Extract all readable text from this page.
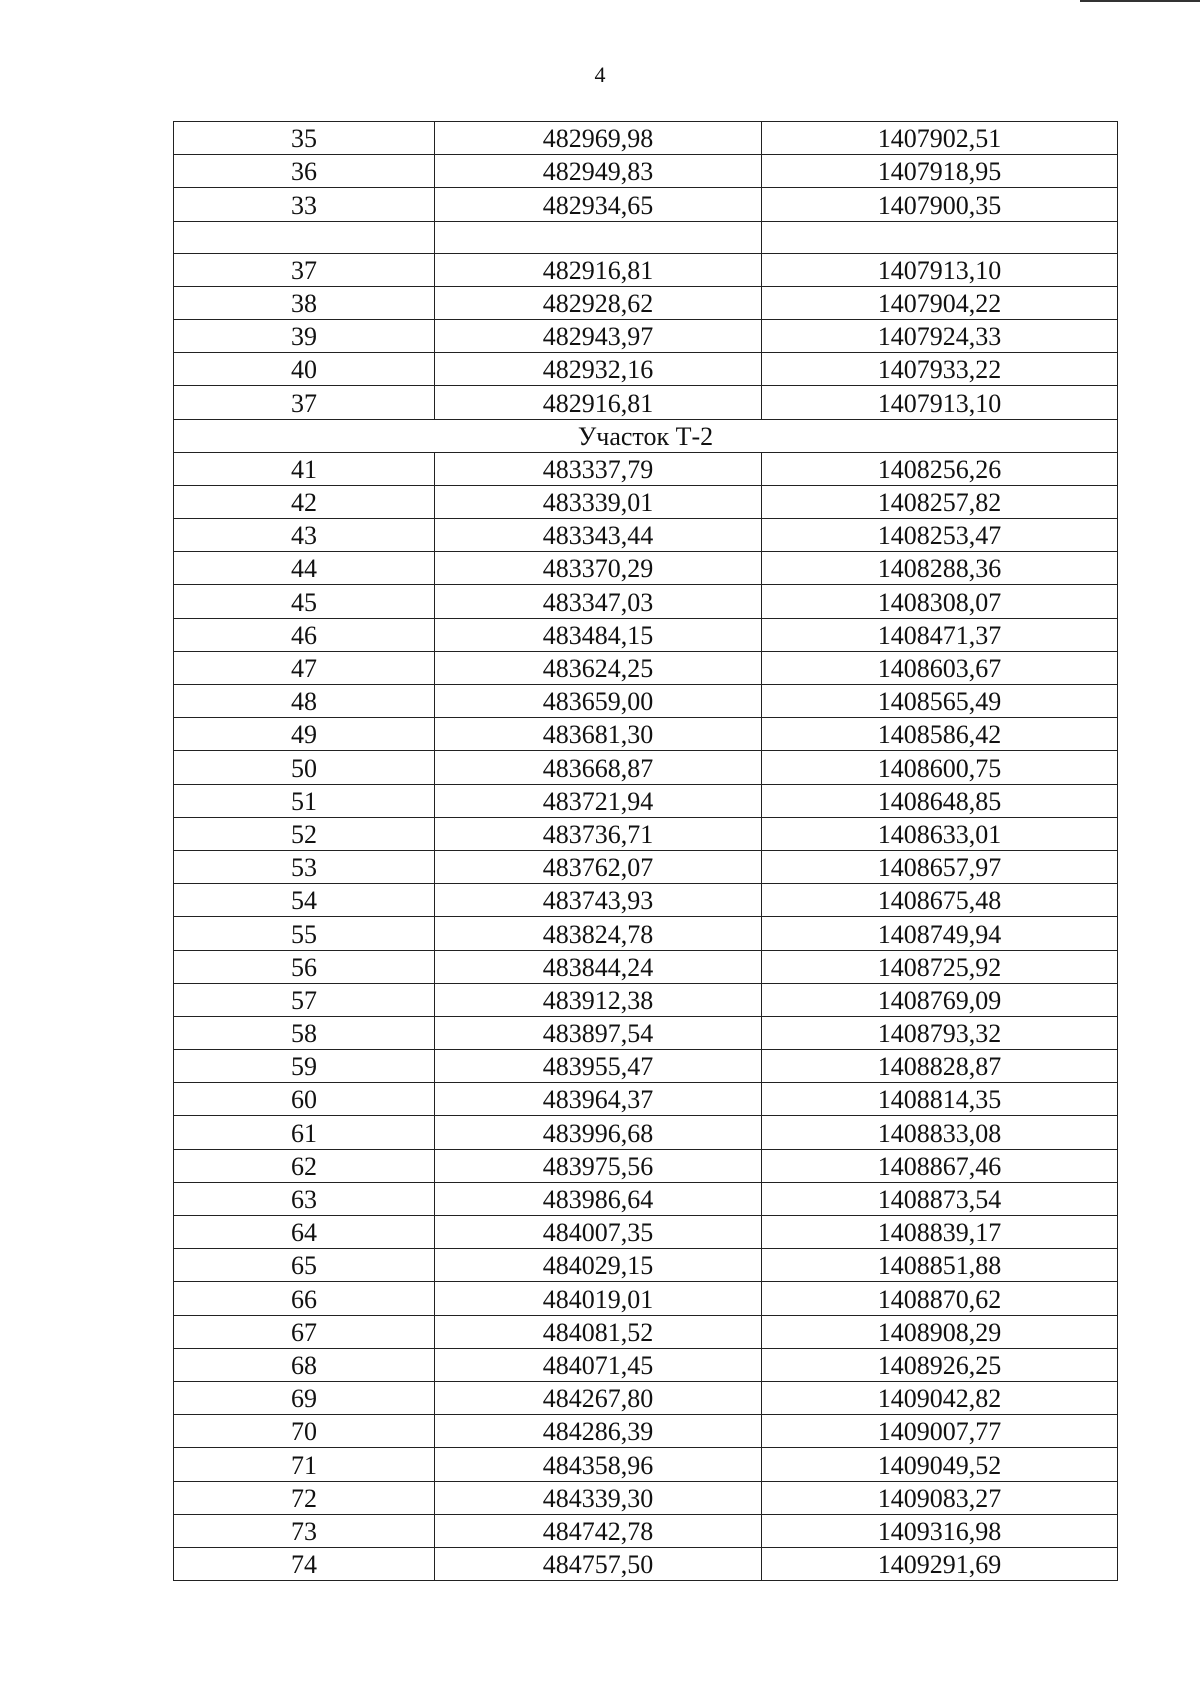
4
35	482969,98	1407902,51
36	482949,83	1407918,95
33	482934,65	1407900,35

37	482916,81	1407913,10
38	482928,62	1407904,22
39	482943,97	1407924,33
40	482932,16	1407933,22
37	482916,81	1407913,10
Участок Т-2		
41	483337,79	1408256,26
42	483339,01	1408257,82
43	483343,44	1408253,47
44	483370,29	1408288,36
45	483347,03	1408308,07
46	483484,15	1408471,37
47	483624,25	1408603,67
48	483659,00	1408565,49
49	483681,30	1408586,42
50	483668,87	1408600,75
51	483721,94	1408648,85
52	483736,71	1408633,01
53	483762,07	1408657,97
54	483743,93	1408675,48
55	483824,78	1408749,94
56	483844,24	1408725,92
57	483912,38	1408769,09
58	483897,54	1408793,32
59	483955,47	1408828,87
60	483964,37	1408814,35
61	483996,68	1408833,08
62	483975,56	1408867,46
63	483986,64	1408873,54
64	484007,35	1408839,17
65	484029,15	1408851,88
66	484019,01	1408870,62
67	484081,52	1408908,29
68	484071,45	1408926,25
69	484267,80	1409042,82
70	484286,39	1409007,77
71	484358,96	1409049,52
72	484339,30	1409083,27
73	484742,78	1409316,98
74	484757,50	1409291,69
